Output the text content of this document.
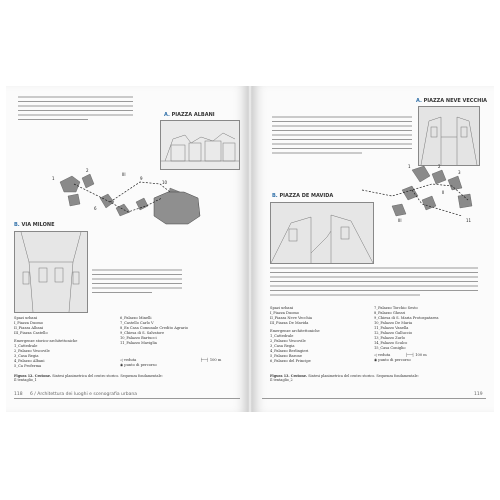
A. PIAZZA ALBANI
1
2
III
9
10
6
B. VIA MILONE
Spazi urbani
I_Piazza Duomo
II_Piazza Albani
III_Piazza Castello
Emergenze storico-architettoniche
1_Cattedrale
2_Palazzo Vescovile
3_Casa Regia
4_Palazzo Albani
5_Ca Proferma
6_Palazzo Minelli
7_Castello Carlo V
8_Ex Casa Comunale Credito Agrario
9_Chiesa di S. Salvatore
10_Palazzo Bartucci
11_Palazzo Maviglia
◁ veduta
◉ punto di percorso
├──┤ 100 m
Figura 12. Crotone. Sintesi planimetrica del centro storico. Sequenza fondamentale: Il tentaglio_1
118 6 / Architettura dei luoghi e scenografia urbana
A. PIAZZA NEVE VECCHIA
1	2
3
II
III	11
B. PIAZZA DE MAVIDA
Spazi urbani
I_Piazza Duomo
II_Piazza Neve Vecchia
III_Piazza De Mavida
Emergenze architettoniche
1_Cattedrale
2_Palazzo Vescovile
3_Casa Regia
4_Palazzo Berlingieri
5_Palazzo Barone
6_Palazzo del Principe
7_Palazzo Torchio Sesto
8_Palazzo Ghezzi
9_Chiesa di S. Maria Protospatarea
10_Palazzo De Maria
11_Palazzo Vanella
12_Palazzo Galluccio
13_Palazzo Zurlo
14_Palazzo Sculco
15_Casa Coniglio
◁ veduta	├──┤ 100 m
◉ punto di percorso
Figura 13. Crotone. Sintesi planimetrica del centro storico. Sequenza fondamentale: Il tentaglio_2
119
